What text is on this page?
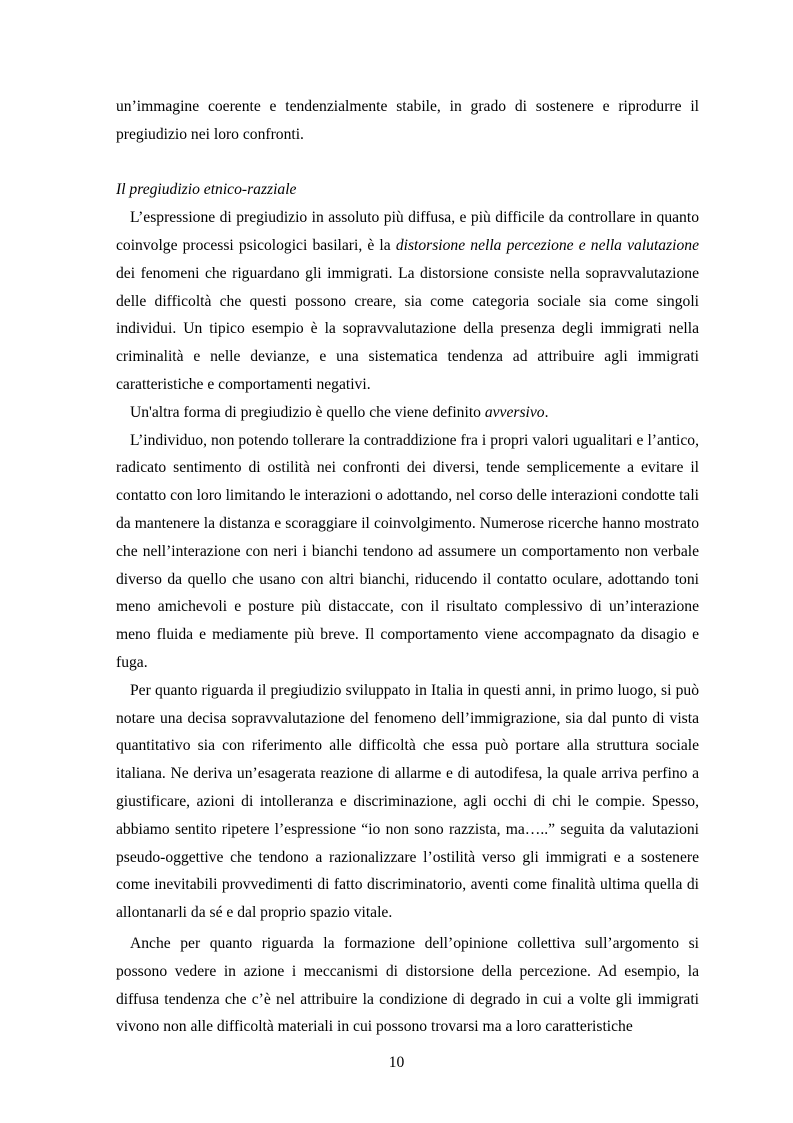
un’immagine coerente e tendenzialmente stabile, in grado di sostenere e riprodurre il pregiudizio nei loro confronti.

Il pregiudizio etnico-razziale

L’espressione di pregiudizio in assoluto più diffusa, e più difficile da controllare in quanto coinvolge processi psicologici basilari, è la distorsione nella percezione e nella valutazione dei fenomeni che riguardano gli immigrati. La distorsione consiste nella sopravvalutazione delle difficoltà che questi possono creare, sia come categoria sociale sia come singoli individui. Un tipico esempio è la sopravvalutazione della presenza degli immigrati nella criminalità e nelle devianze, e una sistematica tendenza ad attribuire agli immigrati caratteristiche e comportamenti negativi.

Un'altra forma di pregiudizio è quello che viene definito avversivo.

L’individuo, non potendo tollerare la contraddizione fra i propri valori ugualitari e l’antico, radicato sentimento di ostilità nei confronti dei diversi, tende semplicemente a evitare il contatto con loro limitando le interazioni o adottando, nel corso delle interazioni condotte tali da mantenere la distanza e scoraggiare il coinvolgimento. Numerose ricerche hanno mostrato che nell’interazione con neri i bianchi tendono ad assumere un comportamento non verbale diverso da quello che usano con altri bianchi, riducendo il contatto oculare, adottando toni meno amichevoli e posture più distaccate, con il risultato complessivo di un’interazione meno fluida e mediamente più breve. Il comportamento viene accompagnato da disagio e fuga.

Per quanto riguarda il pregiudizio sviluppato in Italia in questi anni, in primo luogo, si può notare una decisa sopravvalutazione del fenomeno dell’immigrazione, sia dal punto di vista quantitativo sia con riferimento alle difficoltà che essa può portare alla struttura sociale italiana. Ne deriva un’esagerata reazione di allarme e di autodifesa, la quale arriva perfino a giustificare, azioni di intolleranza e discriminazione, agli occhi di chi le compie. Spesso, abbiamo sentito ripetere l’espressione “io non sono razzista, ma…..” seguita da valutazioni pseudo-oggettive che tendono a razionalizzare l’ostilità verso gli immigrati e a sostenere come inevitabili provvedimenti di fatto discriminatorio, aventi come finalità ultima quella di allontanarli da sé e dal proprio spazio vitale.

Anche per quanto riguarda la formazione dell’opinione collettiva sull’argomento si possono vedere in azione i meccanismi di distorsione della percezione. Ad esempio, la diffusa tendenza che c’è nel attribuire la condizione di degrado in cui a volte gli immigrati vivono non alle difficoltà materiali in cui possono trovarsi ma a loro caratteristiche

10
